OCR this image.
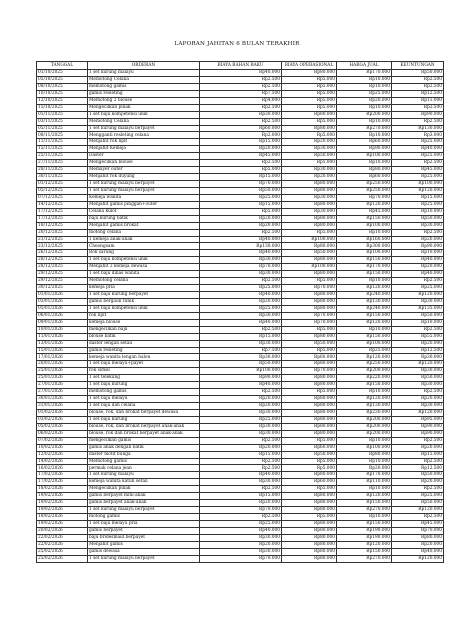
LAPORAN JAHITAN 6 BULAN TERAKHIR
TANGGAL	ORDERAN	BIAYA BAHAN BAKU	BIAYA OPERASIONAL	HARGA JUAL	KEUNTUNGAN
01/10/2025	1 set kurung malayu	Rp40.000	Rp80.000	Rp170.000	Rp50.000
05/10/2025	Memotong Celana	Rp2.500	Rp5.000	Rp10.000	Rp2.500
08/10/2025	memotong gamis	Rp2.500	Rp5.000	Rp10.000	Rp2.500
10/10/2025	gamis resleting	Rp7.500	Rp5.000	Rp25.000	Rp12.500
12/10/2025	Memotong 2 blouse	Rp4.000	Rp5.000	Rp20.000	Rp11.000
15/10/2025	Mengecilkan pinak	Rp2.500	Rp5.000	Rp10.000	Rp2.500
01/11/2025	1 set baju kompetensi unik	Rp30.000	Rp80.000	Rp200.000	Rp90.000
03/11/2025	Memotong Celana	Rp2.500	Rp5.000	Rp10.000	Rp2.500
05/11/2025	1 set kurung malayu berpayet	Rp60.000	Rp80.000	Rp270.000	Rp130.000
08/11/2025	Mengganti resleting celana	Rp2.000	Rp5.000	Rp10.000	Rp3.000
11/11/2025	Menjahit rok lipit	Rp15.000	Rp20.000	Rp60.000	Rp25.000
15/11/2025	Menjahit Kemeja	Rp20.000	Rp30.000	Rp90.000	Rp40.000
25/11/2025	Daster	Rp45.000	Rp50.000	Rp100.000	Rp25.000
27/11/2025	Mengecilkan blouse	Rp2.500	Rp5.000	Rp10.000	Rp2.500
28/11/2025	Memayer outer	Rp5.000	Rp30.000	Rp80.000	Rp45.000
30/11/2025	Menjahit rok duyung	Rp15.000	Rp20.000	Rp60.000	Rp25.000
01/12/2025	1 set kurung malayu berpayet	Rp70.000	Rp80.000	Rp250.000	Rp100.000
05/12/2025	1 set kurung malayu berpayet	Rp50.000	Rp80.000	Rp250.000	Rp120.000
07/12/2025	Kemeja wanita	Rp25.000	Rp30.000	Rp70.000	Rp15.000
14/12/2025	Menjahit gamis pinggan+outer	Rp15.000	Rp80.000	Rp120.000	Rp25.000
17/12/2025	Celana kulot	Rp5.000	Rp30.000	Rp45.000	Rp10.000
17/12/2025	baju kurung batik	Rp20.000	Rp80.000	Rp150.000	Rp50.000
18/12/2025	Menjahit gamis brokat	Rp20.000	Rp80.000	Rp100.000	Rp30.000
20/12/2025	motong celana	Rp2.500	Rp5.000	Rp10.000	Rp2.500
21/12/2025	1 kemeja anak-anak	Rp40.000	Rp100.000	Rp160.000	Rp20.000
23/12/2025	Cheongsam	Rp130.000	Rp80.000	Rp300.000	Rp90.000
26/12/2025	Rok sarung	Rp40.000	Rp50.000	Rp100.000	Rp10.000
28/12/2025	1 set baju kompetensi unik	Rp30.000	Rp80.000	Rp150.000	Rp40.000
28/12/2025	Menjahit 2 kemeja dewasa	Rp70.000	Rp100.000	Rp170.000	Rp20.000
29/12/2025	1 set baju dinas wanita	Rp30.000	Rp80.000	Rp150.000	Rp40.000
29/12/2025	Memotong celana	Rp2.500	Rp5.000	Rp10.000	Rp2.500
30/12/2025	kemeja pria	Rp25.000	Rp70.000	Rp120.000	Rp25.000
01/01/2026	1 set baju kurung berpayet	Rp40.000	Rp80.000	Rp240.000	Rp120.000
03/01/2026	gamis bergaun tunik	Rp20.000	Rp80.000	Rp130.000	Rp30.000
05/01/2026	1 set baju kompetensi unik	Rp25.000	Rp80.000	Rp240.000	Rp135.000
06/01/2026	rok lipit	Rp30.000	Rp70.000	Rp150.000	Rp50.000
09/01/2026	kemeja blouse	Rp40.000	Rp70.000	Rp120.000	Rp10.000
10/01/2026	mengecilkan baju	Rp2.500	Rp5.000	Rp10.000	Rp2.500
11/01/2026	blouse batik	Rp15.000	Rp80.000	Rp150.000	Rp55.000
13/01/2026	daster lengan setali	Rp30.000	Rp50.000	Rp100.000	Rp20.000
15/01/2026	gamis resleting	Rp7.500	Rp5.000	Rp25.000	Rp12.500
17/01/2026	kemeja wanita lengan balon	Rp30.000	Rp60.000	Rp120.000	Rp30.000
20/01/2026	1 set baju melayu+payet	Rp50.000	Rp80.000	Rp250.000	Rp120.000
25/01/2026	rok sirkel	Rp100.000	Rp70.000	Rp200.000	Rp30.000
25/01/2026	1 set telekung	Rp90.000	Rp80.000	Rp220.000	Rp50.000
27/01/2026	1 set baju kurung	Rp40.000	Rp80.000	Rp150.000	Rp30.000
27/01/2026	memotong gamis	Rp2.500	Rp5.000	Rp10.000	Rp2.500
30/01/2026	1 set baju melayu	Rp20.000	Rp80.000	Rp120.000	Rp20.000
31/01/2026	1 set baju dan celana	Rp20.000	Rp80.000	Rp130.000	Rp30.000
01/02/2026	blouse, rok, dan brokat berpayet dewasa	Rp30.000	Rp80.000	Rp230.000	Rp120.000
03/02/2026	1 set baju kurung	Rp25.000	Rp80.000	Rp200.000	Rp95.000
05/02/2026	blouse, rok, dan brokat berpayet anak-anak	Rp30.000	Rp80.000	Rp200.000	Rp90.000
06/02/2026	blouse, rok dan brokat berpayet anak-anak	Rp30.000	Rp80.000	Rp200.000	Rp90.000
07/02/2026	mengecilkan gamis	Rp2.500	Rp5.000	Rp10.000	Rp2.500
10/02/2026	gamis anak dengan batik	Rp20.000	Rp60.000	Rp100.000	Rp20.000
12/02/2026	daster motif bunga	Rp15.000	Rp50.000	Rp80.000	Rp15.000
14/02/2026	Memotong gamis	Rp2.500	Rp5.000	Rp10.000	Rp2.500
16/02/2026	permak celana jean	Rp2.500	Rp5.000	Rp20.000	Rp12.500
17/02/2026	1 set kurung malayu	Rp40.000	Rp80.000	Rp170.000	Rp50.000
17/02/2026	kemeja wanita katun setali	Rp30.000	Rp60.000	Rp110.000	Rp20.000
18/02/2026	Mengecilkan pinak	Rp2.500	Rp5.000	Rp10.000	Rp2.500
19/02/2026	gamis berpayet mini-anak	Rp15.000	Rp80.000	Rp120.000	Rp25.000
19/02/2026	gamis berpayet anak-anak	Rp20.000	Rp80.000	Rp150.000	Rp50.000
19/02/2026	1 set kurung malayu berpayet	Rp70.000	Rp80.000	Rp270.000	Rp120.000
19/02/2026	motong gamis	Rp2.500	Rp5.000	Rp10.000	Rp2.500
19/02/2026	1 set baju melayu pria	Rp25.000	Rp80.000	Rp150.000	Rp45.000
20/02/2026	gamis berpayet	Rp40.000	Rp80.000	Rp190.000	Rp70.000
22/02/2026	baju bridesmaid berpayet	Rp30.000	Rp80.000	Rp190.000	Rp80.000
22/02/2026	Menjahit gamis	Rp20.000	Rp80.000	Rp120.000	Rp20.000
25/02/2026	gamis dewasa	Rp30.000	Rp80.000	Rp150.000	Rp40.000
25/02/2026	1 set kurung malayu berpayet	Rp70.000	Rp80.000	Rp270.000	Rp120.000
